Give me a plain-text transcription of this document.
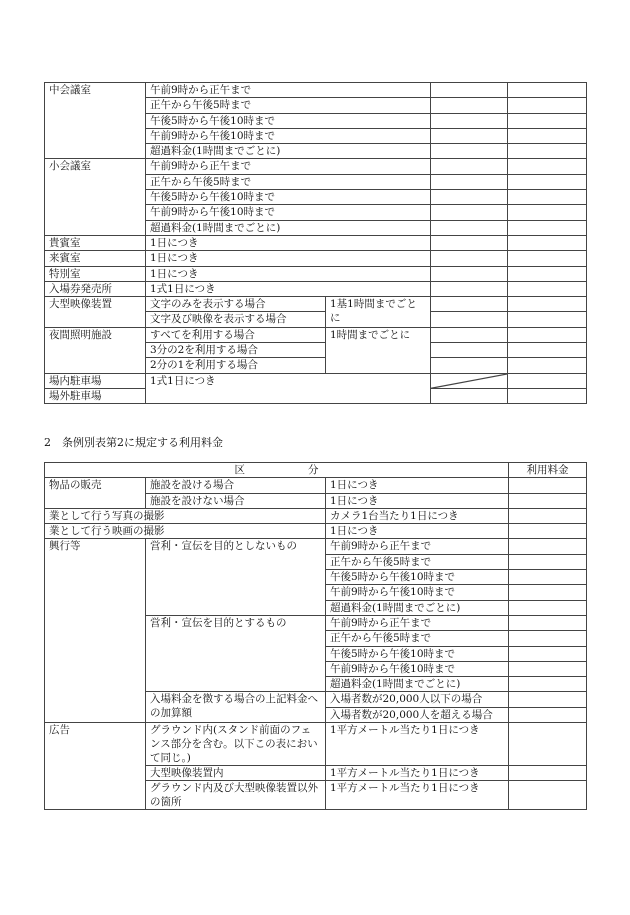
中会議室	午前9時から正午まで			
	正午から午後5時まで			
	午後5時から午後10時まで			
	午前9時から午後10時まで			
	超過料金(1時間までごとに)			
小会議室	午前9時から正午まで			
	正午から午後5時まで			
	午後5時から午後10時まで			
	午前9時から午後10時まで			
	超過料金(1時間までごとに)			
貴賓室	1日につき			
来賓室	1日につき			
特別室	1日につき			
入場券発売所	1式1日につき			
大型映像装置	文字のみを表示する場合	1基1時間までごとに		
	文字及び映像を表示する場合			
夜間照明施設	すべてを利用する場合	1時間までごとに		
	3分の2を利用する場合			
	2分の1を利用する場合			
場内駐車場	1式1日につき	

場外駐車場				
2　条例別表第2に規定する利用料金
区　　　　　　分			利用料金
物品の販売	施設を設ける場合	1日につき	
	施設を設けない場合	1日につき	
業として行う写真の撮影		カメラ1台当たり1日につき	
業として行う映画の撮影		1日につき	
興行等	営利・宣伝を目的としないもの	午前9時から正午まで	
		正午から午後5時まで	
		午後5時から午後10時まで	
		午前9時から午後10時まで	
		超過料金(1時間までごとに)	
	営利・宣伝を目的とするもの	午前9時から正午まで	
		正午から午後5時まで	
		午後5時から午後10時まで	
		午前9時から午後10時まで	
		超過料金(1時間までごとに)	
	入場料金を徴する場合の上記料金への加算額	入場者数が20,000人以下の場合	
		入場者数が20,000人を超える場合	
広告	グラウンド内(スタンド前面のフェンス部分を含む。以下この表において同じ。)	1平方メートル当たり1日につき	
	大型映像装置内	1平方メートル当たり1日につき	
	グラウンド内及び大型映像装置以外の箇所	1平方メートル当たり1日につき	
